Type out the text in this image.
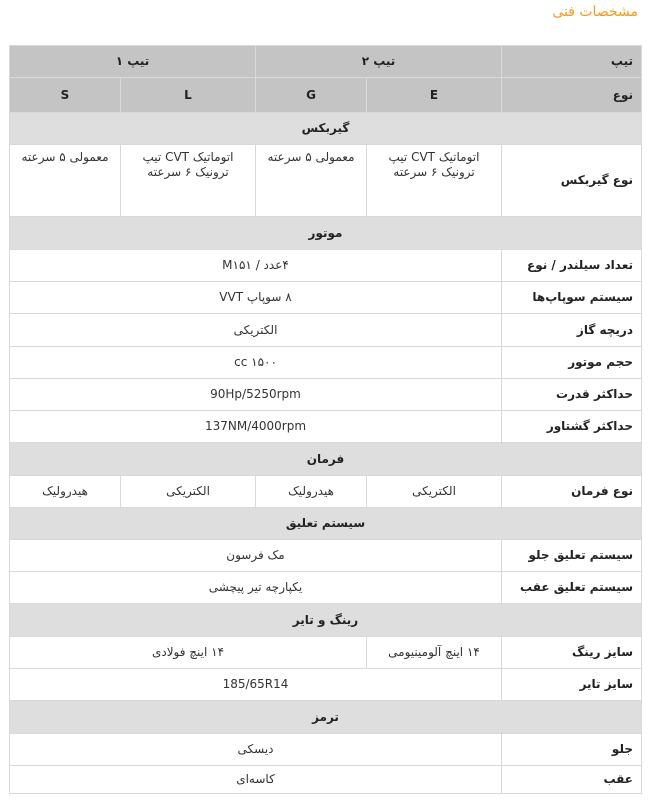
مشخصات فنی
تیپ	تیپ ۲		تیپ ۱	
نوع	E	G	L	S
گیربکس				
نوع گیربکس	اتوماتیک CVT تیپ ترونیک ۶ سرعته	معمولی ۵ سرعته	اتوماتیک CVT تیپ ترونیک ۶ سرعته	معمولی ۵ سرعته
موتور				
تعداد سیلندر / نوع	۴عدد / M۱۵۱			
سیستم سوپاپ‌ها	۸ سوپاپ VVT			
دریچه گاز	الکتریکی			
حجم موتور	۱۵۰۰ cc			
حداکثر قدرت	90Hp/5250rpm			
حداکثر گشتاور	137NM/4000rpm			
فرمان				
نوع فرمان	الکتریکی	هیدرولیک	الکتریکی	هیدرولیک
سیستم تعلیق				
سیستم تعلیق جلو	مک فرسون			
سیستم تعلیق عقب	یکپارچه تیر پیچشی			
رینگ و تایر				
سایز رینگ	۱۴ اینچ آلومینیومی	۱۴ اینچ فولادی		
سایز تایر	185/65R14			
ترمز				
جلو	دیسکی			
عقب	کاسه‌ای			
